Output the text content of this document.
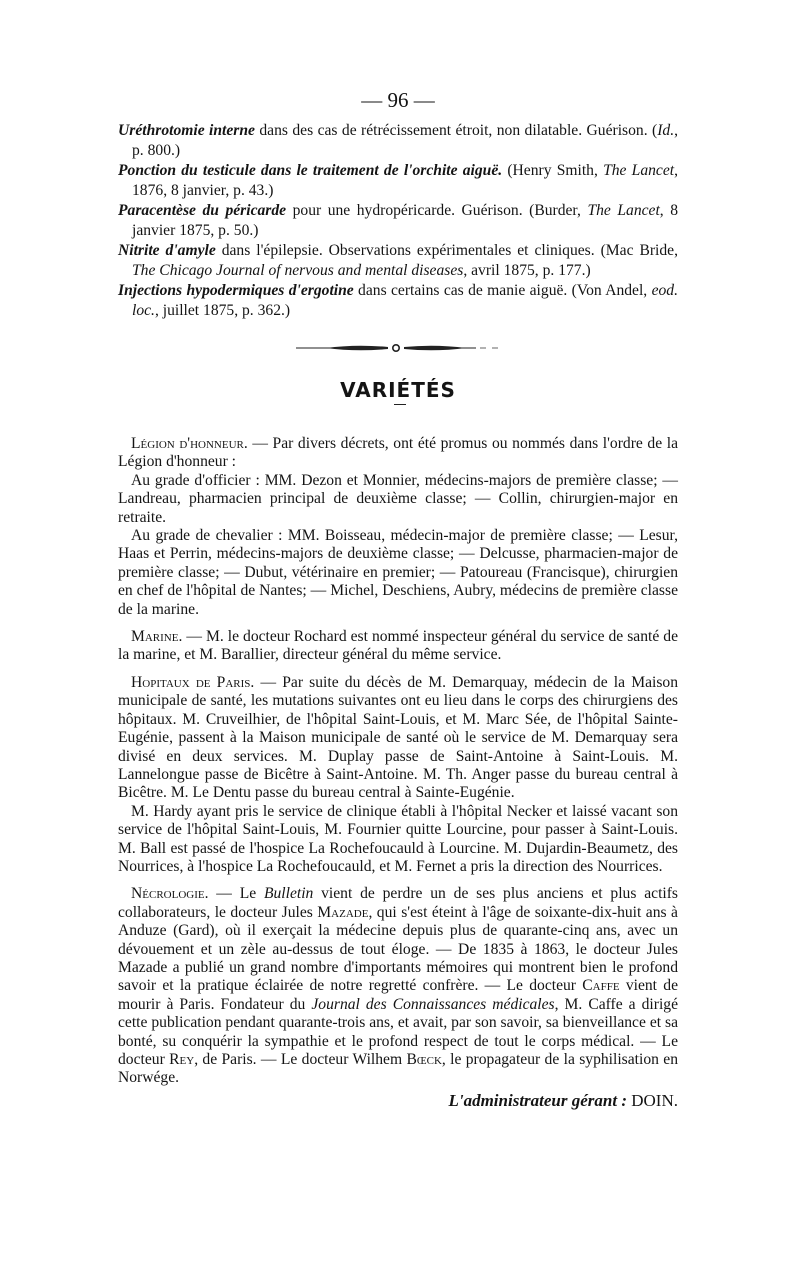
— 96 —

Uréthrotomie interne dans des cas de rétrécissement étroit, non dilatable. Guérison. (Id., p. 800.)

Ponction du testicule dans le traitement de l'orchite aiguë. (Henry Smith, The Lancet, 1876, 8 janvier, p. 43.)

Paracentèse du péricarde pour une hydropéricarde. Guérison. (Burder, The Lancet, 8 janvier 1875, p. 50.)

Nitrite d'amyle dans l'épilepsie. Observations expérimentales et cliniques. (Mac Bride, The Chicago Journal of nervous and mental diseases, avril 1875, p. 177.)

Injections hypodermiques d'ergotine dans certains cas de manie aiguë. (Von Andel, eod. loc., juillet 1875, p. 362.)

VARIÉTÉS

Légion d'honneur. — Par divers décrets, ont été promus ou nommés dans l'ordre de la Légion d'honneur :

Au grade d'officier : MM. Dezon et Monnier, médecins-majors de première classe; — Landreau, pharmacien principal de deuxième classe; — Collin, chirurgien-major en retraite.

Au grade de chevalier : MM. Boisseau, médecin-major de première classe; — Lesur, Haas et Perrin, médecins-majors de deuxième classe; — Delcusse, pharmacien-major de première classe; — Dubut, vétérinaire en premier; — Patoureau (Francisque), chirurgien en chef de l'hôpital de Nantes; — Michel, Deschiens, Aubry, médecins de première classe de la marine.

Marine. — M. le docteur Rochard est nommé inspecteur général du service de santé de la marine, et M. Barallier, directeur général du même service.

Hopitaux de Paris. — Par suite du décès de M. Demarquay, médecin de la Maison municipale de santé, les mutations suivantes ont eu lieu dans le corps des chirurgiens des hôpitaux. M. Cruveilhier, de l'hôpital Saint-Louis, et M. Marc Sée, de l'hôpital Sainte-Eugénie, passent à la Maison municipale de santé où le service de M. Demarquay sera divisé en deux services. M. Duplay passe de Saint-Antoine à Saint-Louis. M. Lannelongue passe de Bicêtre à Saint-Antoine. M. Th. Anger passe du bureau central à Bicêtre. M. Le Dentu passe du bureau central à Sainte-Eugénie.

M. Hardy ayant pris le service de clinique établi à l'hôpital Necker et laissé vacant son service de l'hôpital Saint-Louis, M. Fournier quitte Lourcine, pour passer à Saint-Louis. M. Ball est passé de l'hospice La Rochefoucauld à Lourcine. M. Dujardin-Beaumetz, des Nourrices, à l'hospice La Rochefoucauld, et M. Fernet a pris la direction des Nourrices.

Nécrologie. — Le Bulletin vient de perdre un de ses plus anciens et plus actifs collaborateurs, le docteur Jules Mazade, qui s'est éteint à l'âge de soixante-dix-huit ans à Anduze (Gard), où il exerçait la médecine depuis plus de quarante-cinq ans, avec un dévouement et un zèle au-dessus de tout éloge. — De 1835 à 1863, le docteur Jules Mazade a publié un grand nombre d'importants mémoires qui montrent bien le profond savoir et la pratique éclairée de notre regretté confrère. — Le docteur Caffe vient de mourir à Paris. Fondateur du Journal des Connaissances médicales, M. Caffe a dirigé cette publication pendant quarante-trois ans, et avait, par son savoir, sa bienveillance et sa bonté, su conquérir la sympathie et le profond respect de tout le corps médical. — Le docteur Rey, de Paris. — Le docteur Wilhem Bœck, le propagateur de la syphilisation en Norwége.

L'administrateur gérant : DOIN.
